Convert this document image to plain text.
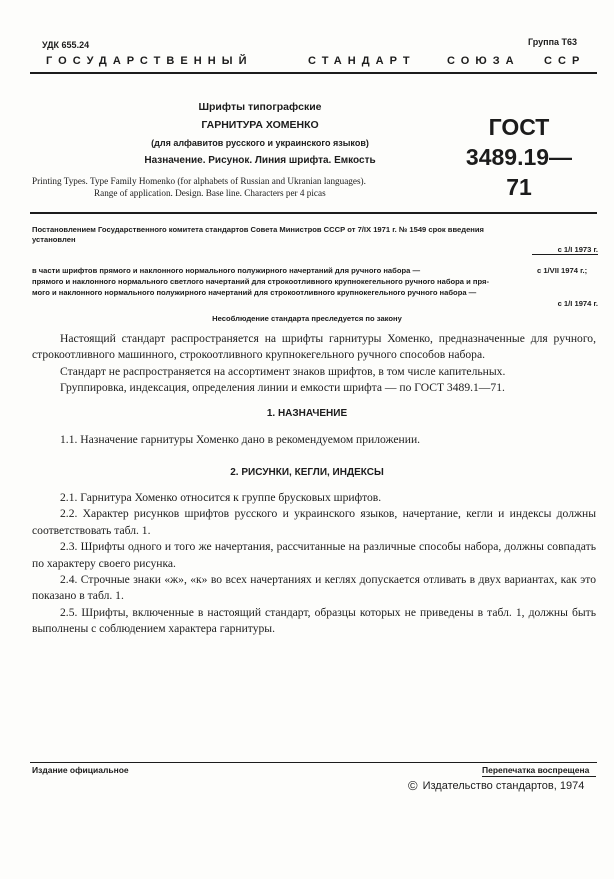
УДК 655.24	Группа Т63
ГОСУДАРСТВЕННЫЙ	СТАНДАРТ	СОЮЗА ССР
Шрифты типографские
ГАРНИТУРА ХОМЕНКО
(для алфавитов русского и украинского языков)
Назначение. Рисунок. Линия шрифта. Емкость
ГОСТ
3489.19—71
Printing Types. Type Family Homenko (for alphabets of Russian and Ukranian languages).
Range of application. Design. Base line. Characters per 4 picas
Постановлением Государственного комитета стандартов Совета Министров СССР от 7/IX 1971 г. № 1549 срок введения
установлен
с 1/I 1973 г.
в части шрифтов прямого и наклонного нормального полужирного начертаний для ручного набора —	с 1/VII 1974 г.;
прямого и наклонного нормального светлого начертаний для строкоотливного крупнокегельного ручного набора и пря-
мого и наклонного нормального полужирного начертаний для строкоотливного крупнокегельного ручного набора —
с 1/I 1974 г.
Несоблюдение стандарта преследуется по закону

Настоящий стандарт распространяется на шрифты гарнитуры Хоменко, предназначенные для ручного, строкоотливного машинного, строкоотливного крупнокегельного ручного способов набора.

Стандарт не распространяется на ассортимент знаков шрифтов, в том числе капительных.

Группировка, индексация, определения линии и емкости шрифта — по ГОСТ 3489.1—71.

1. НАЗНАЧЕНИЕ

1.1. Назначение гарнитуры Хоменко дано в рекомендуемом приложении.

2. РИСУНКИ, КЕГЛИ, ИНДЕКСЫ

2.1. Гарнитура Хоменко относится к группе брусковых шрифтов.

2.2. Характер рисунков шрифтов русского и украинского языков, начертание, кегли и индексы должны соответствовать табл. 1.

2.3. Шрифты одного и того же начертания, рассчитанные на различные способы набора, должны совпадать по характеру своего рисунка.

2.4. Строчные знаки «ж», «к» во всех начертаниях и кеглях допускается отливать в двух вариантах, как это показано в табл. 1.

2.5. Шрифты, включенные в настоящий стандарт, образцы которых не приведены в табл. 1, должны быть выполнены с соблюдением характера гарнитуры.

Издание официальное	Перепечатка воспрещена
© Издательство стандартов, 1974
